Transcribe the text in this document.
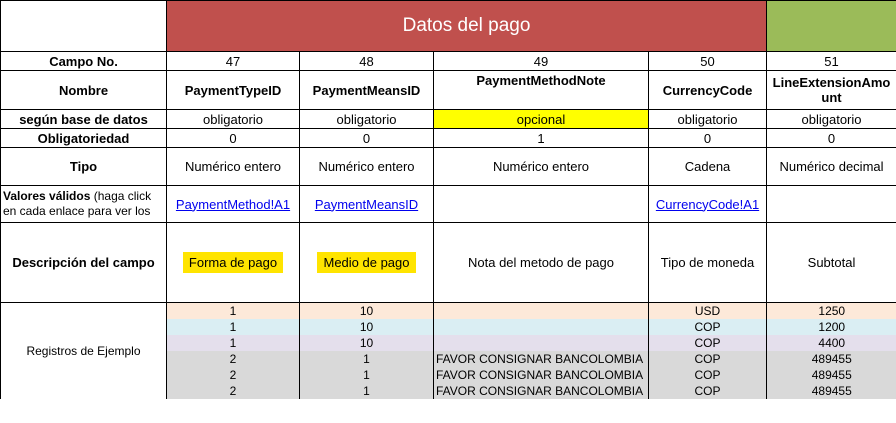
	Datos del pago				
Campo No.	47	48	49	50	51
Nombre	PaymentTypeID	PaymentMeansID	PaymentMethodNote	CurrencyCode	LineExtensionAmo unt
según base de datos	obligatorio	obligatorio	opcional	obligatorio	obligatorio
Obligatoriedad	0	0	1	0	0
Tipo	Numérico entero	Numérico entero	Numérico entero	Cadena	Numérico decimal
Valores válidos (haga click en cada enlace para ver los	PaymentMethod!A1	PaymentMeansID		CurrencyCode!A1	
Descripción del campo	Forma de pago	Medio de pago	Nota del metodo de pago	Tipo de moneda	Subtotal
Registros de Ejemplo	1	10		USD	1250
	1	10		COP	1200
	1	10		COP	4400
	2	1	FAVOR CONSIGNAR BANCOLOMBIA	COP	489455
	2	1	FAVOR CONSIGNAR BANCOLOMBIA	COP	489455
	2	1	FAVOR CONSIGNAR BANCOLOMBIA	COP	489455
